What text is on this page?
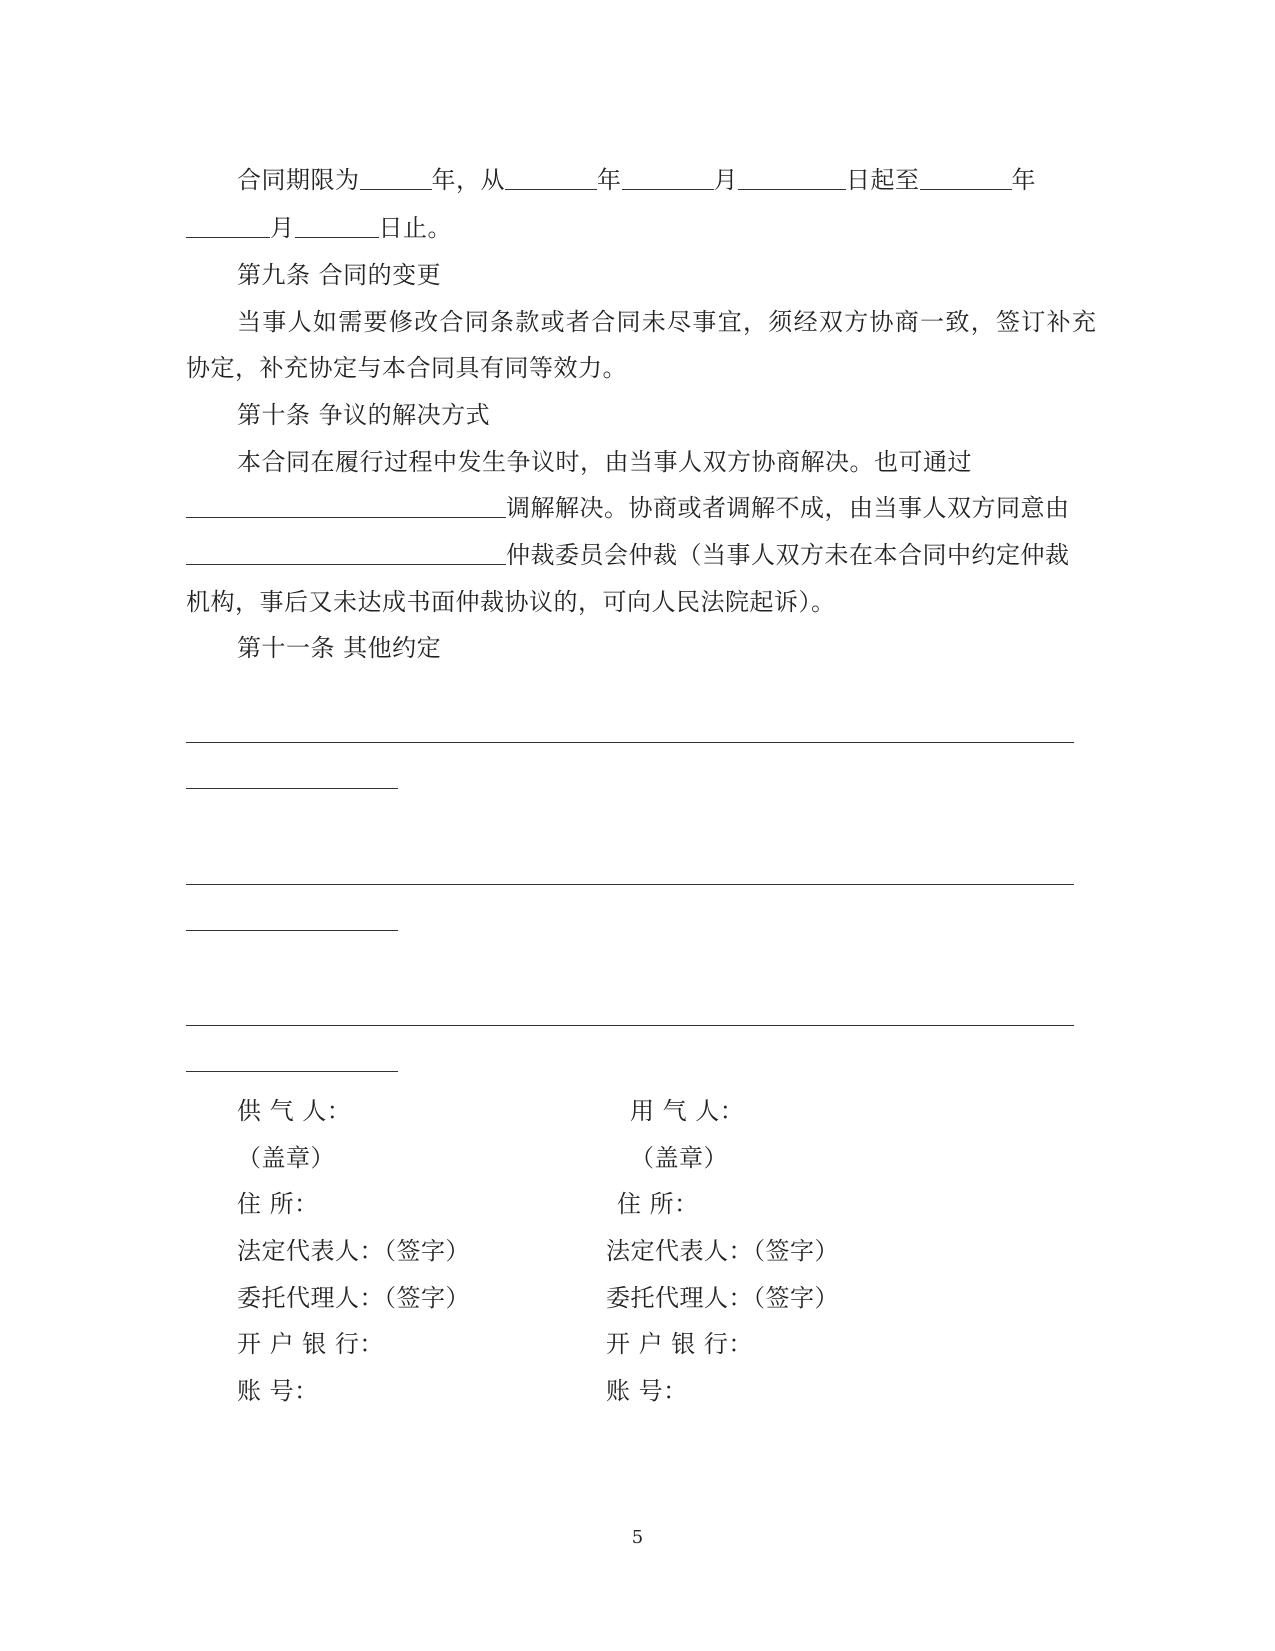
合同期限为	年，从	年	月	日起至	年
月	日止。
第九条 合同的变更
当事人如需要修改合同条款或者合同未尽事宜，须经双方协商一致，签订补充
协定，补充协定与本合同具有同等效力。
第十条 争议的解决方式
本合同在履行过程中发生争议时，由当事人双方协商解决。也可通过
调解解决。协商或者调解不成，由当事人双方同意由
仲裁委员会仲裁（当事人双方未在本合同中约定仲裁
机构，事后又未达成书面仲裁协议的，可向人民法院起诉）。
第十一条 其他约定
供 气 人：	用 气 人：
（盖章）	（盖章）
住 所：	住 所：
法定代表人：（签字）	法定代表人：（签字）
委托代理人：（签字）	委托代理人：（签字）
开 户 银 行：	开 户 银 行：
账 号：	账 号：
5
